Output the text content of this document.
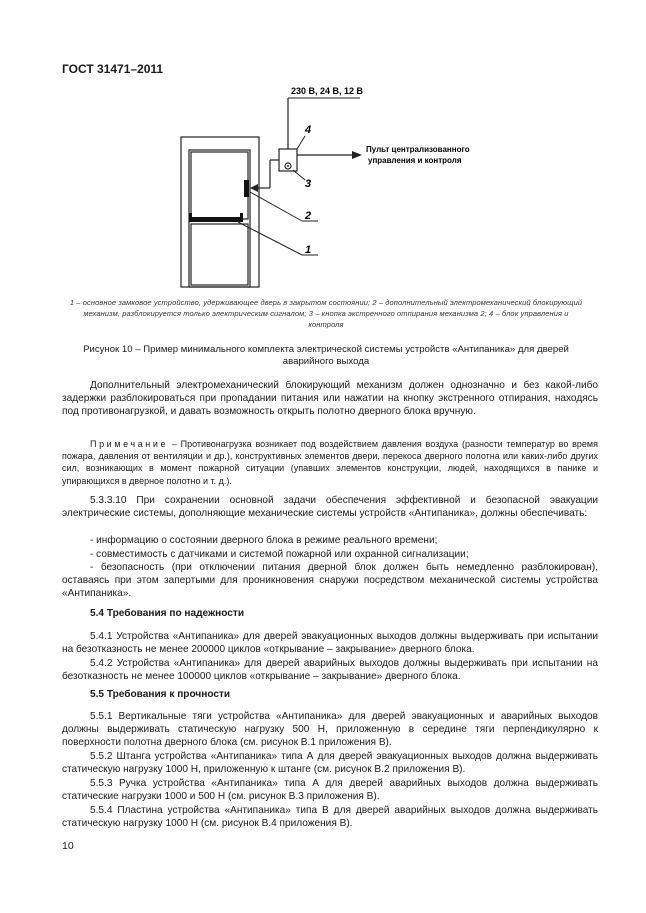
ГОСТ 31471–2011
230 В, 24 В, 12 В
Пульт централизованного
управления и контроля
4
3
2
1
1 – основное замковое устройство, удерживающее дверь в закрытом состоянии; 2 – дополнительный электромеханический блокирующий механизм, разблокируется только электрическим сигналом; 3 – кнопка экстренного отпирания механизма 2; 4 – блок управления и контроля
Рисунок 10 – Пример минимального комплекта электрической системы устройств «Антипаника» для дверей аварийного выхода
Дополнительный электромеханический блокирующий механизм должен однозначно и без какой-либо задержки разблокироваться при пропадании питания или нажатии на кнопку экстренного отпирания, находясь под противонагрузкой, и давать возможность открыть полотно дверного блока вручную.
Примечание – Противонагрузка возникает под воздействием давления воздуха (разности температур во время пожара, давления от вентиляции и др.), конструктивных элементов двери, перекоса дверного полотна или каких-либо других сил, возникающих в момент пожарной ситуации (упавших элементов конструкции, людей, находящихся в панике и упирающихся в дверное полотно и т. д.).
5.3.3.10 При сохранении основной задачи обеспечения эффективной и безопасной эвакуации электрические системы, дополняющие механические системы устройств «Антипаника», должны обеспечивать:
- информацию о состоянии дверного блока в режиме реального времени;
- совместимость с датчиками и системой пожарной или охранной сигнализации;
- безопасность (при отключении питания дверной блок должен быть немедленно разблокирован), оставаясь при этом запертыми для проникновения снаружи посредством механической системы устройства «Антипаника».
5.4 Требования по надежности
5.4.1 Устройства «Антипаника» для дверей эвакуационных выходов должны выдерживать при испытании на безотказность не менее 200000 циклов «открывание – закрывание» дверного блока.
5.4.2 Устройства «Антипаника» для дверей аварийных выходов должны выдерживать при испытании на безотказность не менее 100000 циклов «открывание – закрывание» дверного блока.
5.5 Требования к прочности
5.5.1 Вертикальные тяги устройства «Антипаника» для дверей эвакуационных и аварийных выходов должны выдерживать статическую нагрузку 500 Н, приложенную в середине тяги перпендикулярно к поверхности полотна дверного блока (см. рисунок В.1 приложения В).
5.5.2 Штанга устройства «Антипаника» типа А для дверей эвакуационных выходов должна выдерживать статическую нагрузку 1000 Н, приложенную к штанге (см. рисунок В.2 приложения В).
5.5.3 Ручка устройства «Антипаника» типа А для дверей аварийных выходов должна выдерживать статические нагрузки 1000 и 500 Н (см. рисунок В.3 приложения В).
5.5.4 Пластина устройства «Антипаника» типа В для дверей аварийных выходов должна выдерживать статическую нагрузку 1000 Н (см. рисунок В.4 приложения В).
10
